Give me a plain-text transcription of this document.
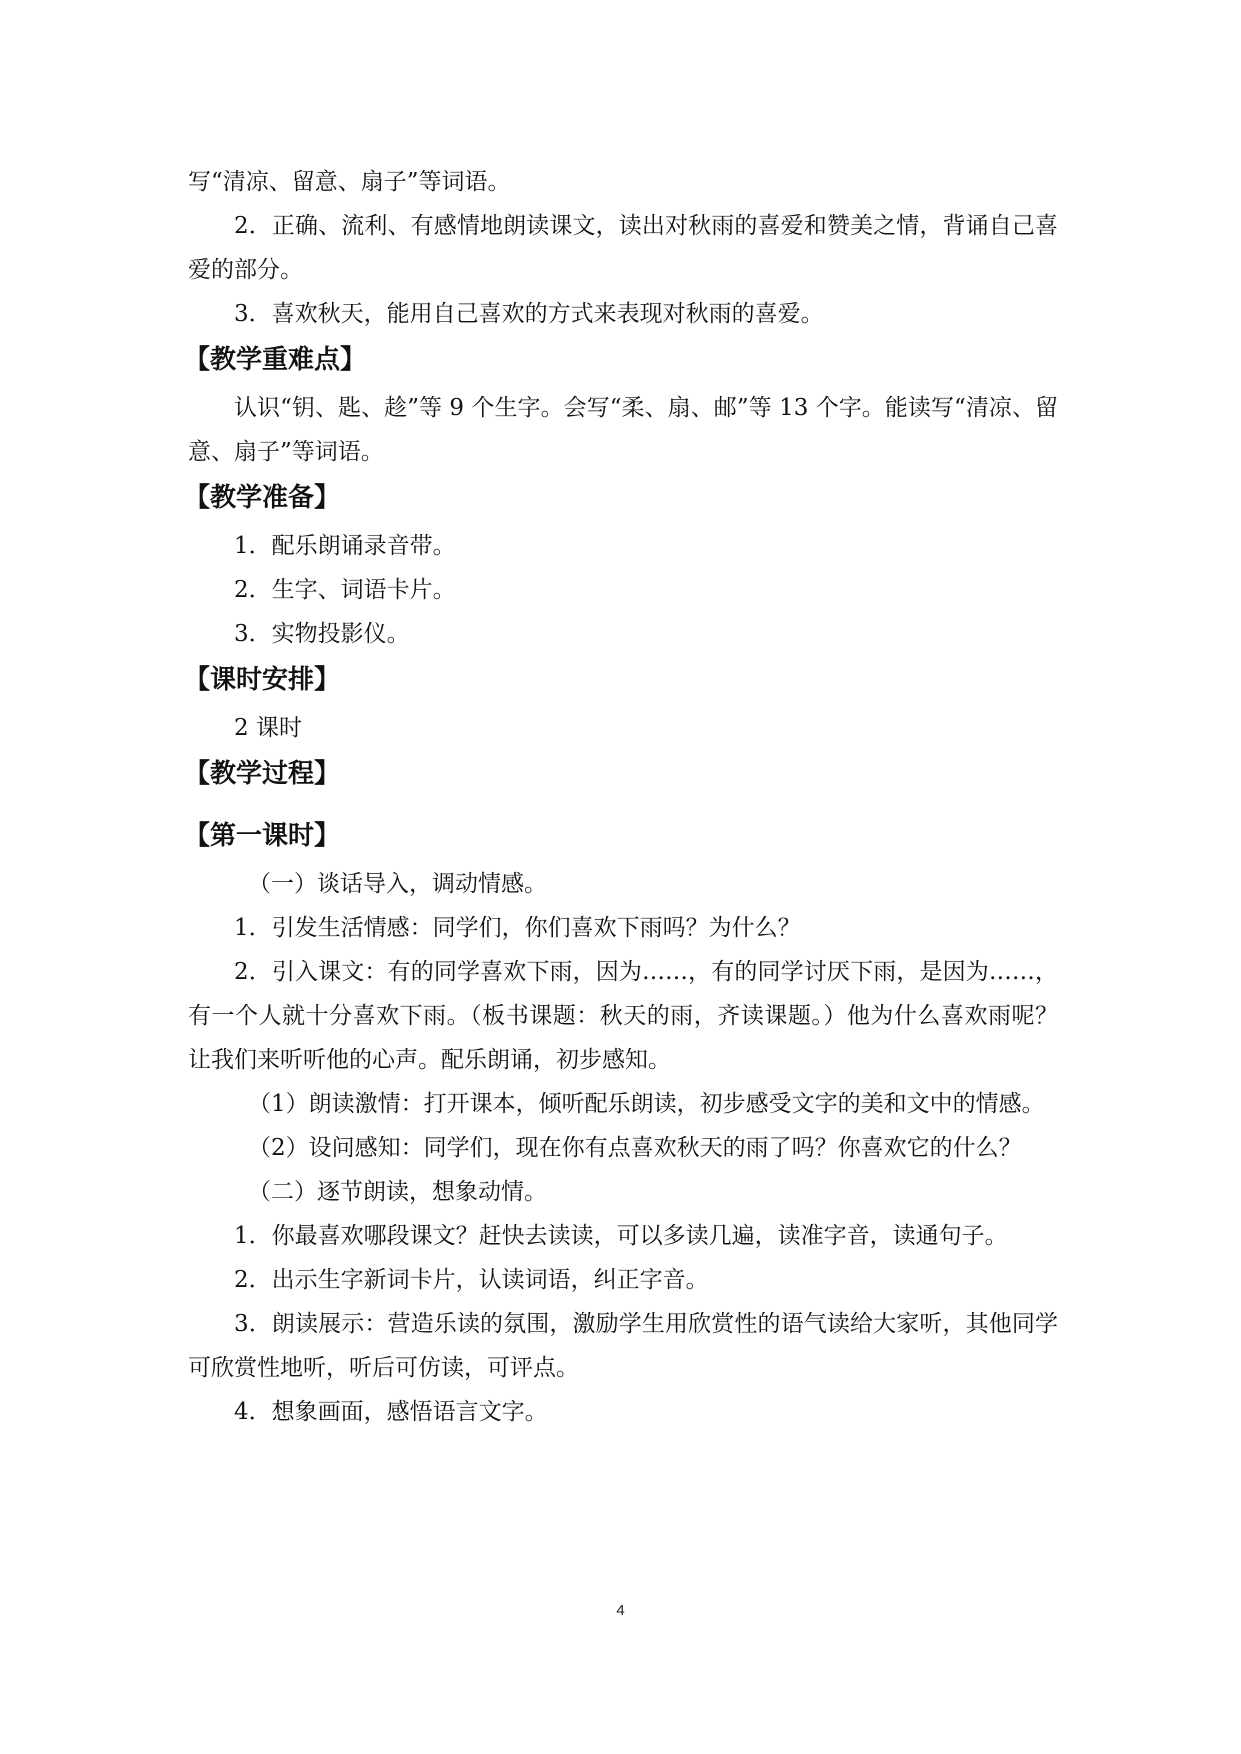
写“清凉、留意、扇子”等词语。

2．正确、流利、有感情地朗读课文，读出对秋雨的喜爱和赞美之情，背诵自己喜爱的部分。

3．喜欢秋天，能用自己喜欢的方式来表现对秋雨的喜爱。

【教学重难点】

认识“钥、匙、趁”等 9 个生字。会写“柔、扇、邮”等 13 个字。能读写“清凉、留意、扇子”等词语。

【教学准备】

1．配乐朗诵录音带。

2．生字、词语卡片。

3．实物投影仪。

【课时安排】

2 课时

【教学过程】
【第一课时】

（一）谈话导入，调动情感。

1．引发生活情感：同学们，你们喜欢下雨吗？为什么？

2．引入课文：有的同学喜欢下雨，因为……，有的同学讨厌下雨，是因为……，有一个人就十分喜欢下雨。（板书课题：秋天的雨，齐读课题。）他为什么喜欢雨呢？让我们来听听他的心声。配乐朗诵，初步感知。

（1）朗读激情：打开课本，倾听配乐朗读，初步感受文字的美和文中的情感。

（2）设问感知：同学们，现在你有点喜欢秋天的雨了吗？你喜欢它的什么？

（二）逐节朗读，想象动情。

1．你最喜欢哪段课文？赶快去读读，可以多读几遍，读准字音，读通句子。

2．出示生字新词卡片，认读词语，纠正字音。

3．朗读展示：营造乐读的氛围，激励学生用欣赏性的语气读给大家听，其他同学可欣赏性地听，听后可仿读，可评点。

4．想象画面，感悟语言文字。

4
